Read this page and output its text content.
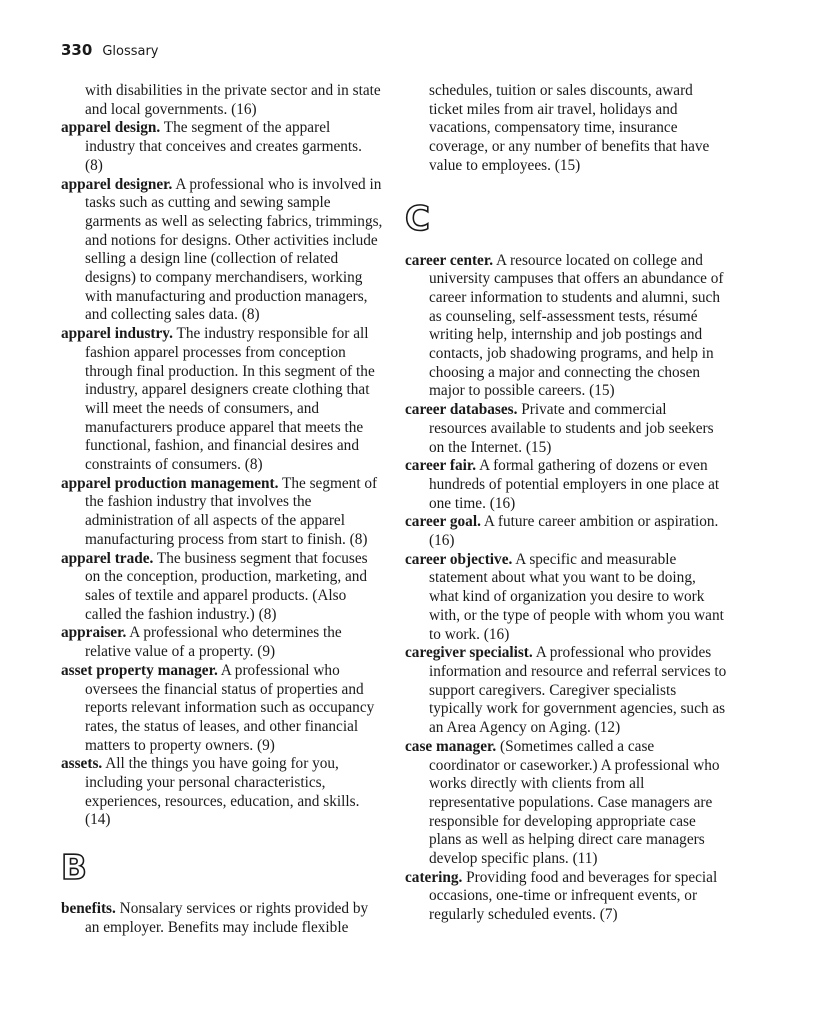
330 Glossary

with disabilities in the private sector and in state and local governments. (16)

apparel design. The segment of the apparel industry that conceives and creates garments. (8)

apparel designer. A professional who is involved in tasks such as cutting and sewing sample garments as well as selecting fabrics, trimmings, and notions for designs. Other activities include selling a design line (collection of related designs) to company merchandisers, working with manufacturing and production managers, and collecting sales data. (8)

apparel industry. The industry responsible for all fashion apparel processes from conception through final production. In this segment of the industry, apparel designers create clothing that will meet the needs of consumers, and manufacturers produce apparel that meets the functional, fashion, and financial desires and constraints of consumers. (8)

apparel production management. The segment of the fashion industry that involves the administration of all aspects of the apparel manufacturing process from start to finish. (8)

apparel trade. The business segment that focuses on the conception, production, marketing, and sales of textile and apparel products. (Also called the fashion industry.) (8)

appraiser. A professional who determines the relative value of a property. (9)

asset property manager. A professional who oversees the financial status of properties and reports relevant information such as occupancy rates, the status of leases, and other financial matters to property owners. (9)

assets. All the things you have going for you, including your personal characteristics, experiences, resources, education, and skills. (14)

B

benefits. Nonsalary services or rights provided by an employer. Benefits may include flexible

schedules, tuition or sales discounts, award ticket miles from air travel, holidays and vacations, compensatory time, insurance coverage, or any number of benefits that have value to employees. (15)

C

career center. A resource located on college and university campuses that offers an abundance of career information to students and alumni, such as counseling, self-assessment tests, résumé writing help, internship and job postings and contacts, job shadowing programs, and help in choosing a major and connecting the chosen major to possible careers. (15)

career databases. Private and commercial resources available to students and job seekers on the Internet. (15)

career fair. A formal gathering of dozens or even hundreds of potential employers in one place at one time. (16)

career goal. A future career ambition or aspiration. (16)

career objective. A specific and measurable statement about what you want to be doing, what kind of organization you desire to work with, or the type of people with whom you want to work. (16)

caregiver specialist. A professional who provides information and resource and referral services to support caregivers. Caregiver specialists typically work for government agencies, such as an Area Agency on Aging. (12)

case manager. (Sometimes called a case coordinator or caseworker.) A professional who works directly with clients from all representative populations. Case managers are responsible for developing appropriate case plans as well as helping direct care managers develop specific plans. (11)

catering. Providing food and beverages for special occasions, one-time or infrequent events, or regularly scheduled events. (7)
